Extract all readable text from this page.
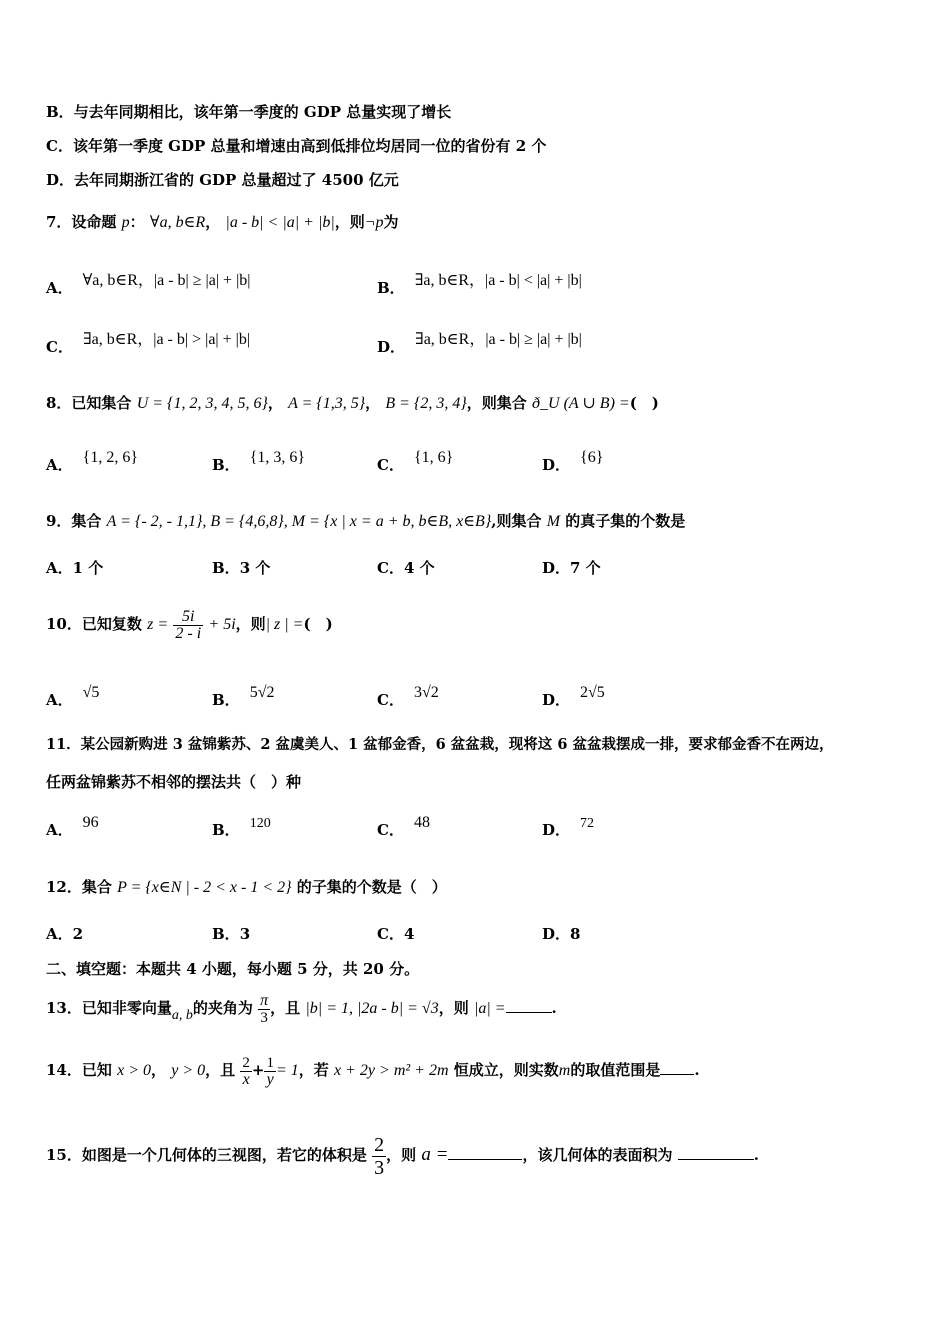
B．与去年同期相比，该年第一季度的 GDP 总量实现了增长
C．该年第一季度 GDP 总量和增速由高到低排位均居同一位的省份有 2 个
D．去年同期浙江省的 GDP 总量超过了 4500 亿元
7．设命题 p： ∀a, b∈R， |a - b| < |a| + |b|，则¬p为
A． ∀a, b∈R，|a - b| ≥ |a| + |b|	B． ∃a, b∈R，|a - b| < |a| + |b|
C． ∃a, b∈R，|a - b| > |a| + |b|	D． ∃a, b∈R，|a - b| ≥ |a| + |b|
8．已知集合 U = {1, 2, 3, 4, 5, 6}， A = {1,3, 5}， B = {2, 3, 4}，则集合 ð_U (A ∪ B) =(　)
A． {1, 2, 6}	B． {1, 3, 6}	C． {1, 6}	D． {6}
9．集合 A = {- 2, - 1,1}, B = {4,6,8}, M = {x | x = a + b, b∈B, x∈B},则集合 M 的真子集的个数是
A．1 个	B．3 个	C．4 个	D．7 个
10．已知复数 $z = \frac{5i}{2 - i} + 5i$，则| z | =(　)
A． √5	B． 5√2	C． 3√2	D． 2√5
11．某公园新购进 3 盆锦紫苏、2 盆虞美人、1 盆郁金香，6 盆盆栽，现将这 6 盆盆栽摆成一排，要求郁金香不在两边，
任两盆锦紫苏不相邻的摆法共（　）种
A． 96	B． 120	C． 48	D． 72
12．集合 P = {x∈N | - 2 < x - 1 < 2} 的子集的个数是（　）
A．2	B．3	C．4	D．8
二、填空题：本题共 4 小题，每小题 5 分，共 20 分。
13．已知非零向量a, b的夹角为 $\frac{\pi}{3}$ ，且 |b| = 1, |2a - b| = √3，则 |a| =	.
14．已知 x > 0， y > 0，且 $\frac{2}{x} + \frac{1}{y} = 1$，若 x + 2y > m² + 2m 恒成立，则实数m的取值范围是 .
15．如图是一个几何体的三视图，若它的体积是 $\frac{2}{3}$ ，则 a =	，该几何体的表面积为	.
